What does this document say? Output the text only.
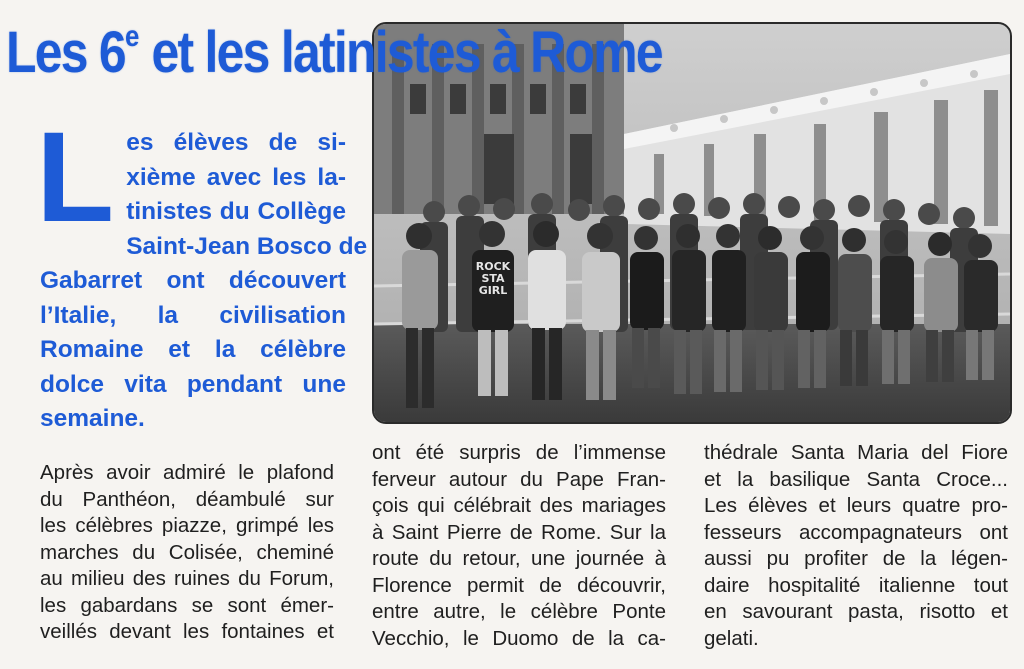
Les 6e et les latinistes à Rome
ROCK
STA
GIRL
L es élèves de si-
xième avec les la-
tinistes du Collège
Saint-Jean Bosco de
Gabarret ont découvert
l’Italie, la civilisation
Romaine et la célèbre
dolce vita pendant une
semaine.
Après avoir admiré le plafond
du Panthéon, déambulé sur
les célèbres piazze, grimpé les
marches du Colisée, cheminé
au milieu des ruines du Forum,
les gabardans se sont émer-
veillés devant les fontaines et
ont été surpris de l’immense
ferveur autour du Pape Fran-
çois qui célébrait des mariages
à Saint Pierre de Rome. Sur la
route du retour, une journée à
Florence permit de découvrir,
entre autre, le célèbre Ponte
Vecchio, le Duomo de la ca-
thédrale Santa Maria del Fiore
et la basilique Santa Croce...
Les élèves et leurs quatre pro-
fesseurs accompagnateurs ont
aussi pu profiter de la légen-
daire hospitalité italienne tout
en savourant pasta, risotto et
gelati.
